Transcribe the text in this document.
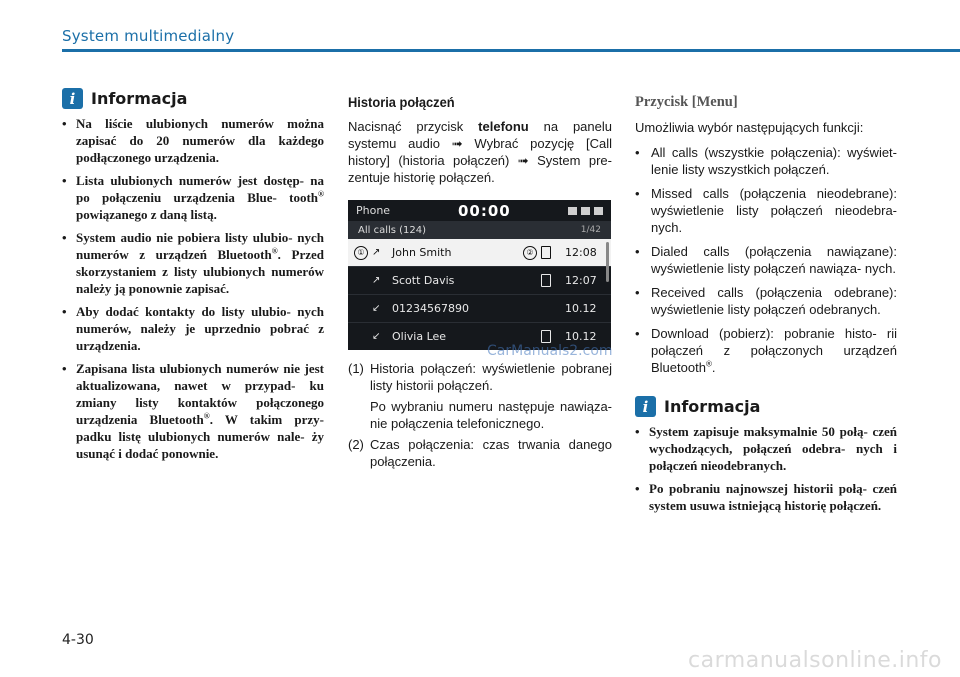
System multimedialny
i Informacja
• Na liście ulubionych numerów można zapisać do 20 numerów dla każdego podłączonego urządzenia.
• Lista ulubionych numerów jest dostęp- na po połączeniu urządzenia Blue- tooth® powiązanego z daną listą.
• System audio nie pobiera listy ulubio- nych numerów z urządzeń Bluetooth®. Przed skorzystaniem z listy ulubionych numerów należy ją ponownie zapisać.
• Aby dodać kontakty do listy ulubio- nych numerów, należy je uprzednio pobrać z urządzenia.
• Zapisana lista ulubionych numerów nie jest aktualizowana, nawet w przypad- ku zmiany listy kontaktów połączonego urządzenia Bluetooth®. W takim przy- padku listę ulubionych numerów nale- ży usunąć i dodać ponownie.
Historia połączeń
Nacisnąć przycisk telefonu na panelu systemu audio ➟ Wybrać pozycję [Call history] (historia połączeń) ➟ System pre- zentuje historię połączeń.
Phone	00:00
All calls (124)	1/42
① ↗	John Smith	②	12:08
↗	Scott Davis	12:07
↙	01234567890	10.12
↙	Olivia Lee	10.12
(1) Historia połączeń: wyświetlenie pobranej listy historii połączeń.
Po wybraniu numeru następuje nawiąza- nie połączenia telefonicznego.
(2) Czas połączenia: czas trwania danego połączenia.
Przycisk [Menu]
Umożliwia wybór następujących funkcji:
• All calls (wszystkie połączenia): wyświet- lenie listy wszystkich połączeń.
• Missed calls (połączenia nieodebrane): wyświetlenie listy połączeń nieodebra- nych.
• Dialed calls (połączenia nawiązane): wyświetlenie listy połączeń nawiąza- nych.
• Received calls (połączenia odebrane): wyświetlenie listy połączeń odebranych.
• Download (pobierz): pobranie histo- rii połączeń z połączonych urządzeń Bluetooth®.
i Informacja
• System zapisuje maksymalnie 50 połą- czeń wychodzących, połączeń odebra- nych i połączeń nieodebranych.
• Po pobraniu najnowszej historii połą- czeń system usuwa istniejącą historię połączeń.
4-30
CarManuals2.com
carmanualsonline.info
